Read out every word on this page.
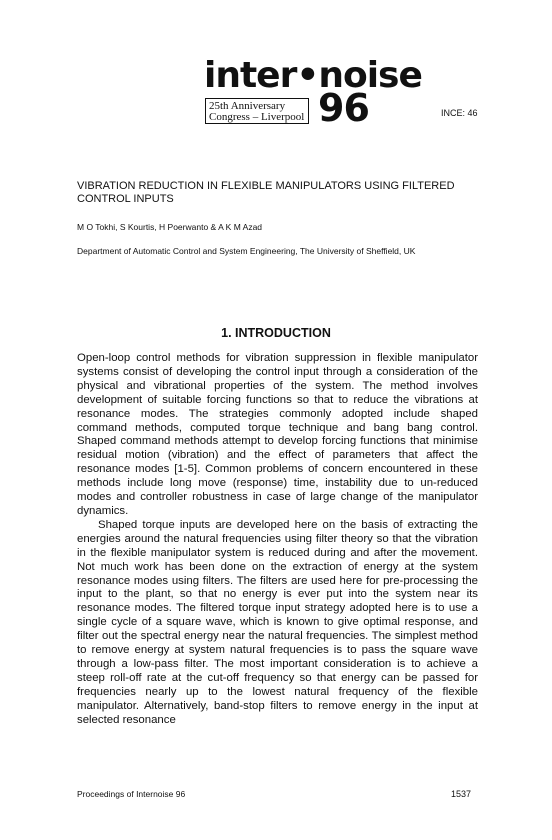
inter•noise
25th Anniversary
Congress – Liverpool 96	INCE: 46
VIBRATION REDUCTION IN FLEXIBLE MANIPULATORS USING FILTERED CONTROL INPUTS
M O Tokhi, S Kourtis, H Poerwanto & A K M Azad
Department of Automatic Control and System Engineering, The University of Sheffield, UK
1. INTRODUCTION

Open-loop control methods for vibration suppression in flexible manipulator systems consist of developing the control input through a consideration of the physical and vibrational properties of the system. The method involves development of suitable forcing functions so that to reduce the vibrations at resonance modes. The strategies commonly adopted include shaped command methods, computed torque technique and bang bang control. Shaped command methods attempt to develop forcing functions that minimise residual motion (vibration) and the effect of parameters that affect the resonance modes [1-5]. Common problems of concern encountered in these methods include long move (response) time, instability due to un-reduced modes and controller robustness in case of large change of the manipulator dynamics.

Shaped torque inputs are developed here on the basis of extracting the energies around the natural frequencies using filter theory so that the vibration in the flexible manipulator system is reduced during and after the movement. Not much work has been done on the extraction of energy at the system resonance modes using filters. The filters are used here for pre-processing the input to the plant, so that no energy is ever put into the system near its resonance modes. The filtered torque input strategy adopted here is to use a single cycle of a square wave, which is known to give optimal response, and filter out the spectral energy near the natural frequencies. The simplest method to remove energy at system natural frequencies is to pass the square wave through a low-pass filter. The most important consideration is to achieve a steep roll-off rate at the cut-off frequency so that energy can be passed for frequencies nearly up to the lowest natural frequency of the flexible manipulator. Alternatively, band-stop filters to remove energy in the input at selected resonance

Proceedings of Internoise 96	1537
